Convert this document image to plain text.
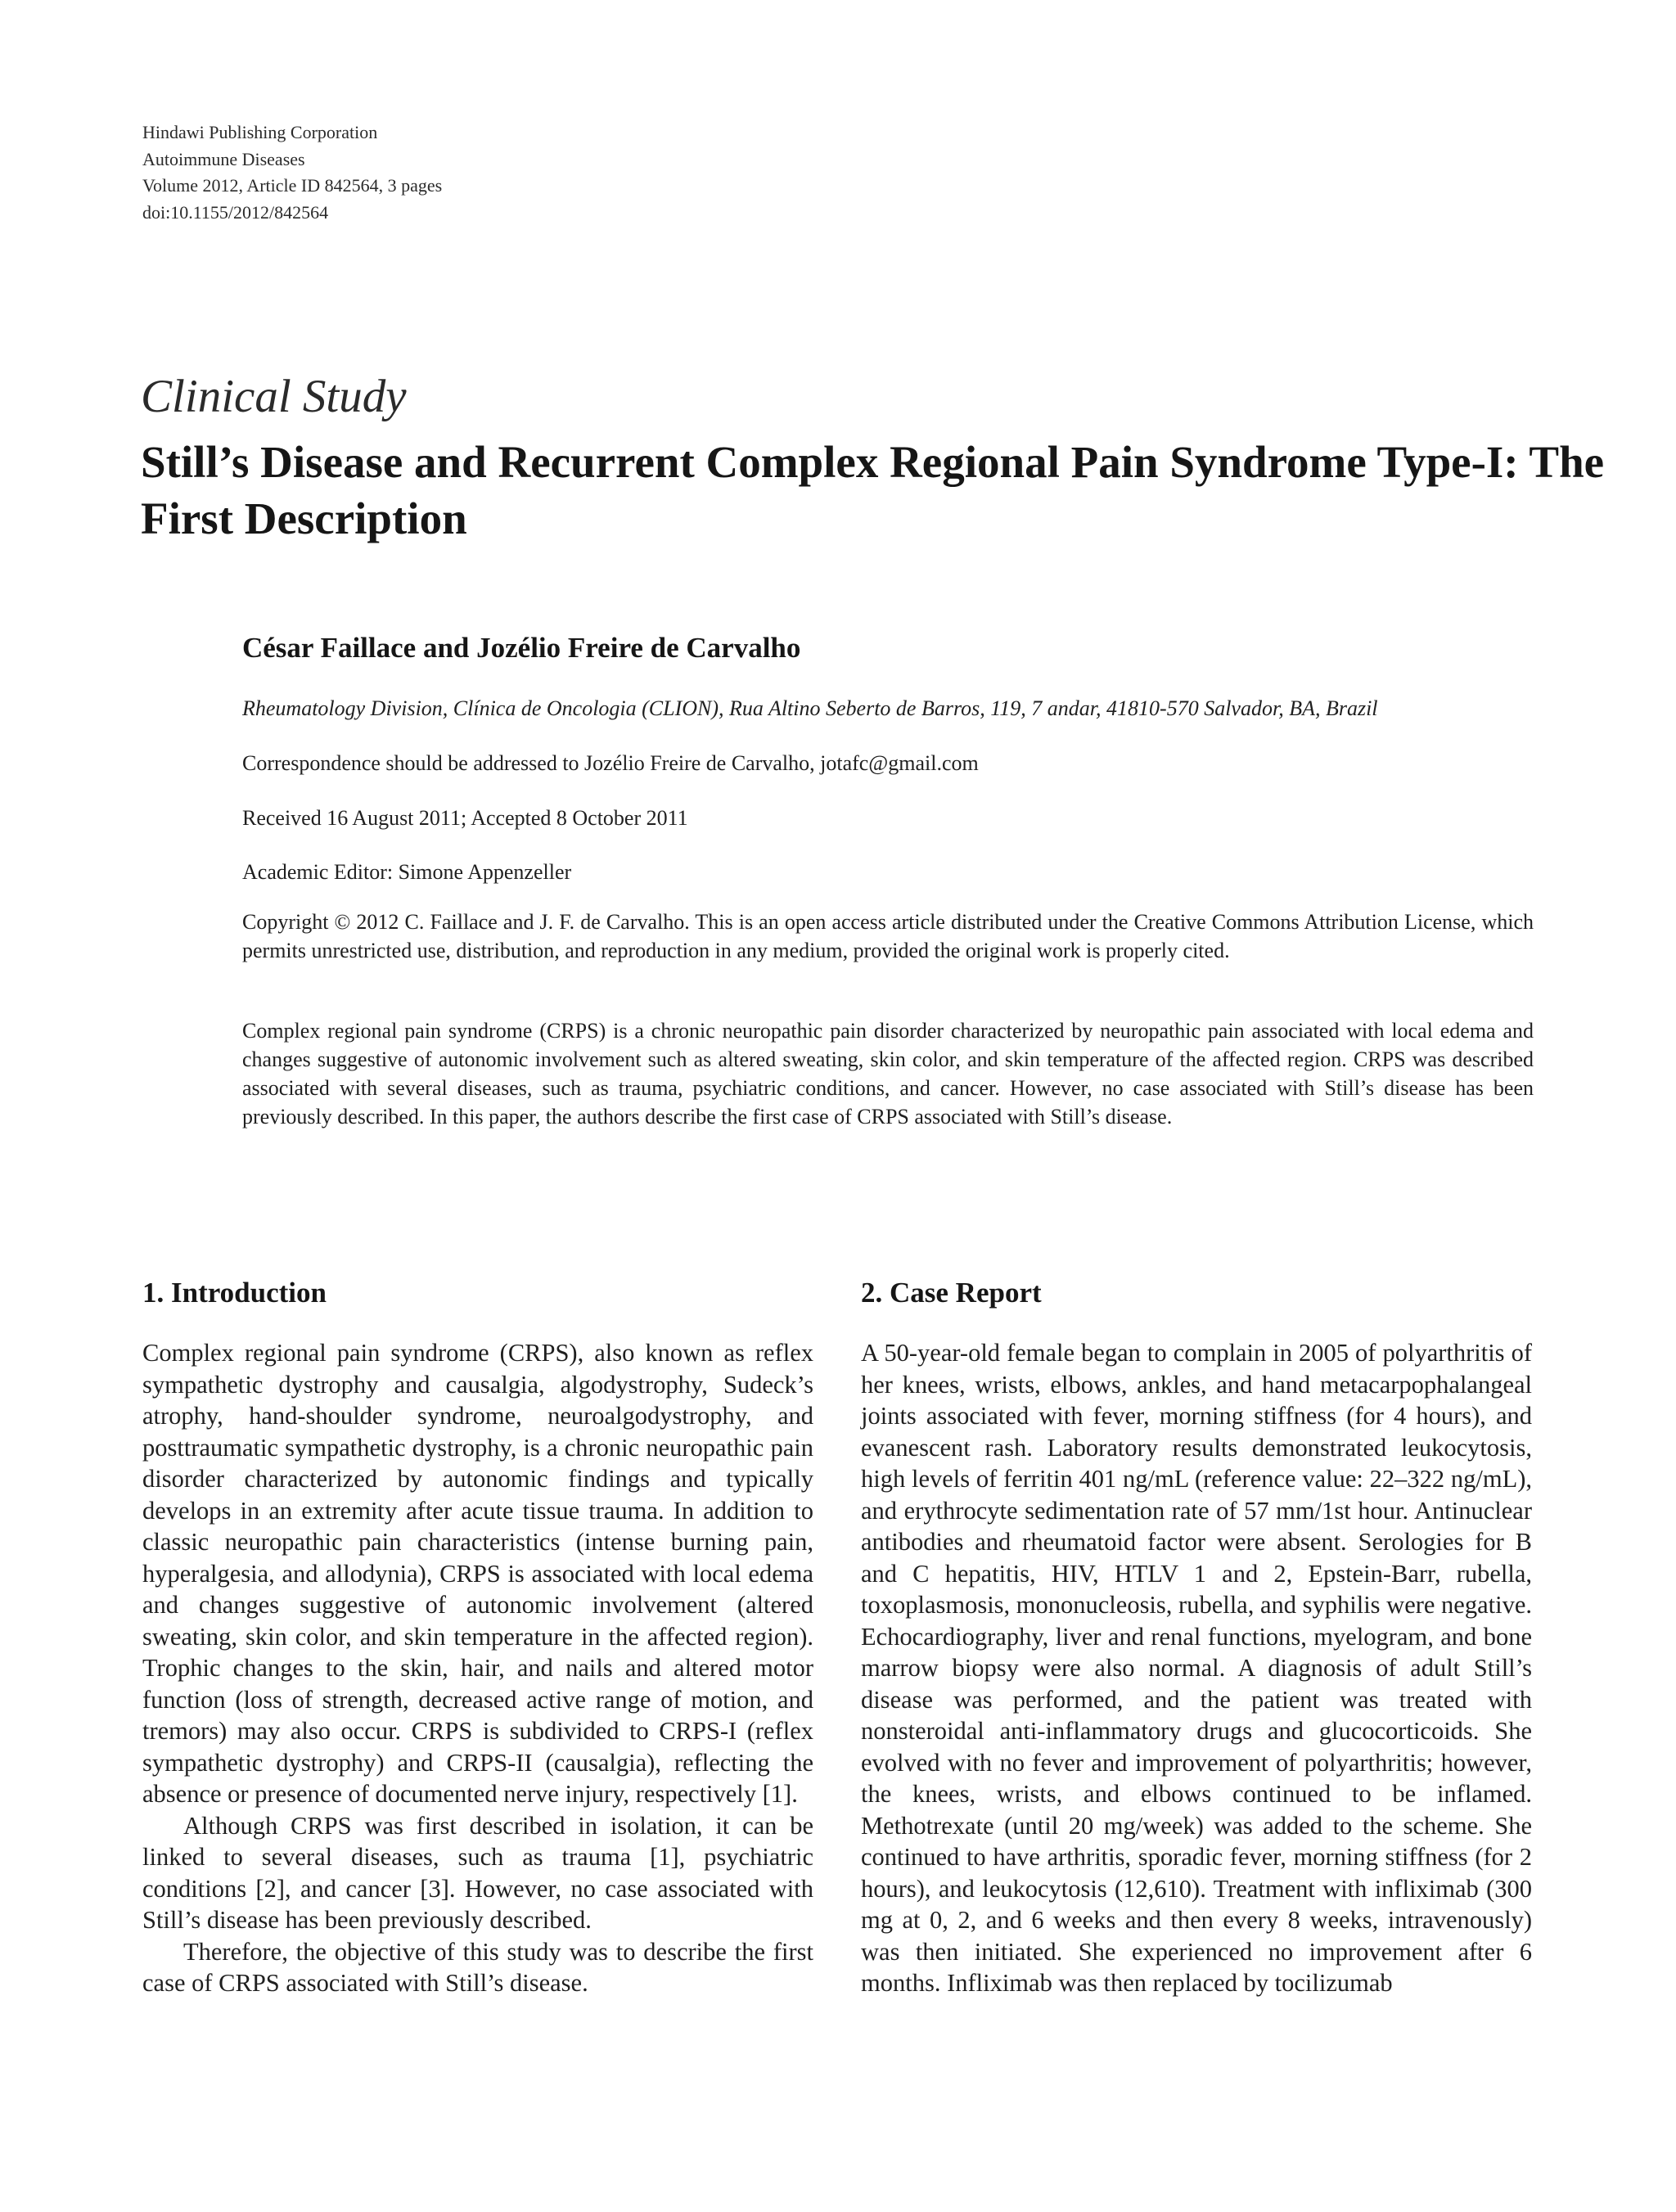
Hindawi Publishing Corporation
Autoimmune Diseases
Volume 2012, Article ID 842564, 3 pages
doi:10.1155/2012/842564
Clinical Study
Still’s Disease and Recurrent Complex Regional Pain Syndrome Type-I: The First Description
César Faillace and Jozélio Freire de Carvalho
Rheumatology Division, Clínica de Oncologia (CLION), Rua Altino Seberto de Barros, 119, 7 andar, 41810-570 Salvador, BA, Brazil
Correspondence should be addressed to Jozélio Freire de Carvalho, jotafc@gmail.com
Received 16 August 2011; Accepted 8 October 2011
Academic Editor: Simone Appenzeller
Copyright © 2012 C. Faillace and J. F. de Carvalho. This is an open access article distributed under the Creative Commons Attribution License, which permits unrestricted use, distribution, and reproduction in any medium, provided the original work is properly cited.
Complex regional pain syndrome (CRPS) is a chronic neuropathic pain disorder characterized by neuropathic pain associated with local edema and changes suggestive of autonomic involvement such as altered sweating, skin color, and skin temperature of the affected region. CRPS was described associated with several diseases, such as trauma, psychiatric conditions, and cancer. However, no case associated with Still’s disease has been previously described. In this paper, the authors describe the first case of CRPS associated with Still’s disease.
1. Introduction

Complex regional pain syndrome (CRPS), also known as reflex sympathetic dystrophy and causalgia, algodystrophy, Sudeck’s atrophy, hand-shoulder syndrome, neuroalgodystrophy, and posttraumatic sympathetic dystrophy, is a chronic neuropathic pain disorder characterized by autonomic findings and typically develops in an extremity after acute tissue trauma. In addition to classic neuropathic pain characteristics (intense burning pain, hyperalgesia, and allodynia), CRPS is associated with local edema and changes suggestive of autonomic involvement (altered sweating, skin color, and skin temperature in the affected region). Trophic changes to the skin, hair, and nails and altered motor function (loss of strength, decreased active range of motion, and tremors) may also occur. CRPS is subdivided to CRPS-I (reflex sympathetic dystrophy) and CRPS-II (causalgia), reflecting the absence or presence of documented nerve injury, respectively [1].

Although CRPS was first described in isolation, it can be linked to several diseases, such as trauma [1], psychiatric conditions [2], and cancer [3]. However, no case associated with Still’s disease has been previously described.

Therefore, the objective of this study was to describe the first case of CRPS associated with Still’s disease.

2. Case Report

A 50-year-old female began to complain in 2005 of polyarthritis of her knees, wrists, elbows, ankles, and hand metacarpophalangeal joints associated with fever, morning stiffness (for 4 hours), and evanescent rash. Laboratory results demonstrated leukocytosis, high levels of ferritin 401 ng/mL (reference value: 22–322 ng/mL), and erythrocyte sedimentation rate of 57 mm/1st hour. Antinuclear antibodies and rheumatoid factor were absent. Serologies for B and C hepatitis, HIV, HTLV 1 and 2, Epstein-Barr, rubella, toxoplasmosis, mononucleosis, rubella, and syphilis were negative. Echocardiography, liver and renal functions, myelogram, and bone marrow biopsy were also normal. A diagnosis of adult Still’s disease was performed, and the patient was treated with nonsteroidal anti-inflammatory drugs and glucocorticoids. She evolved with no fever and improvement of polyarthritis; however, the knees, wrists, and elbows continued to be inflamed. Methotrexate (until 20 mg/week) was added to the scheme. She continued to have arthritis, sporadic fever, morning stiffness (for 2 hours), and leukocytosis (12,610). Treatment with infliximab (300 mg at 0, 2, and 6 weeks and then every 8 weeks, intravenously) was then initiated. She experienced no improvement after 6 months. Infliximab was then replaced by tocilizumab
